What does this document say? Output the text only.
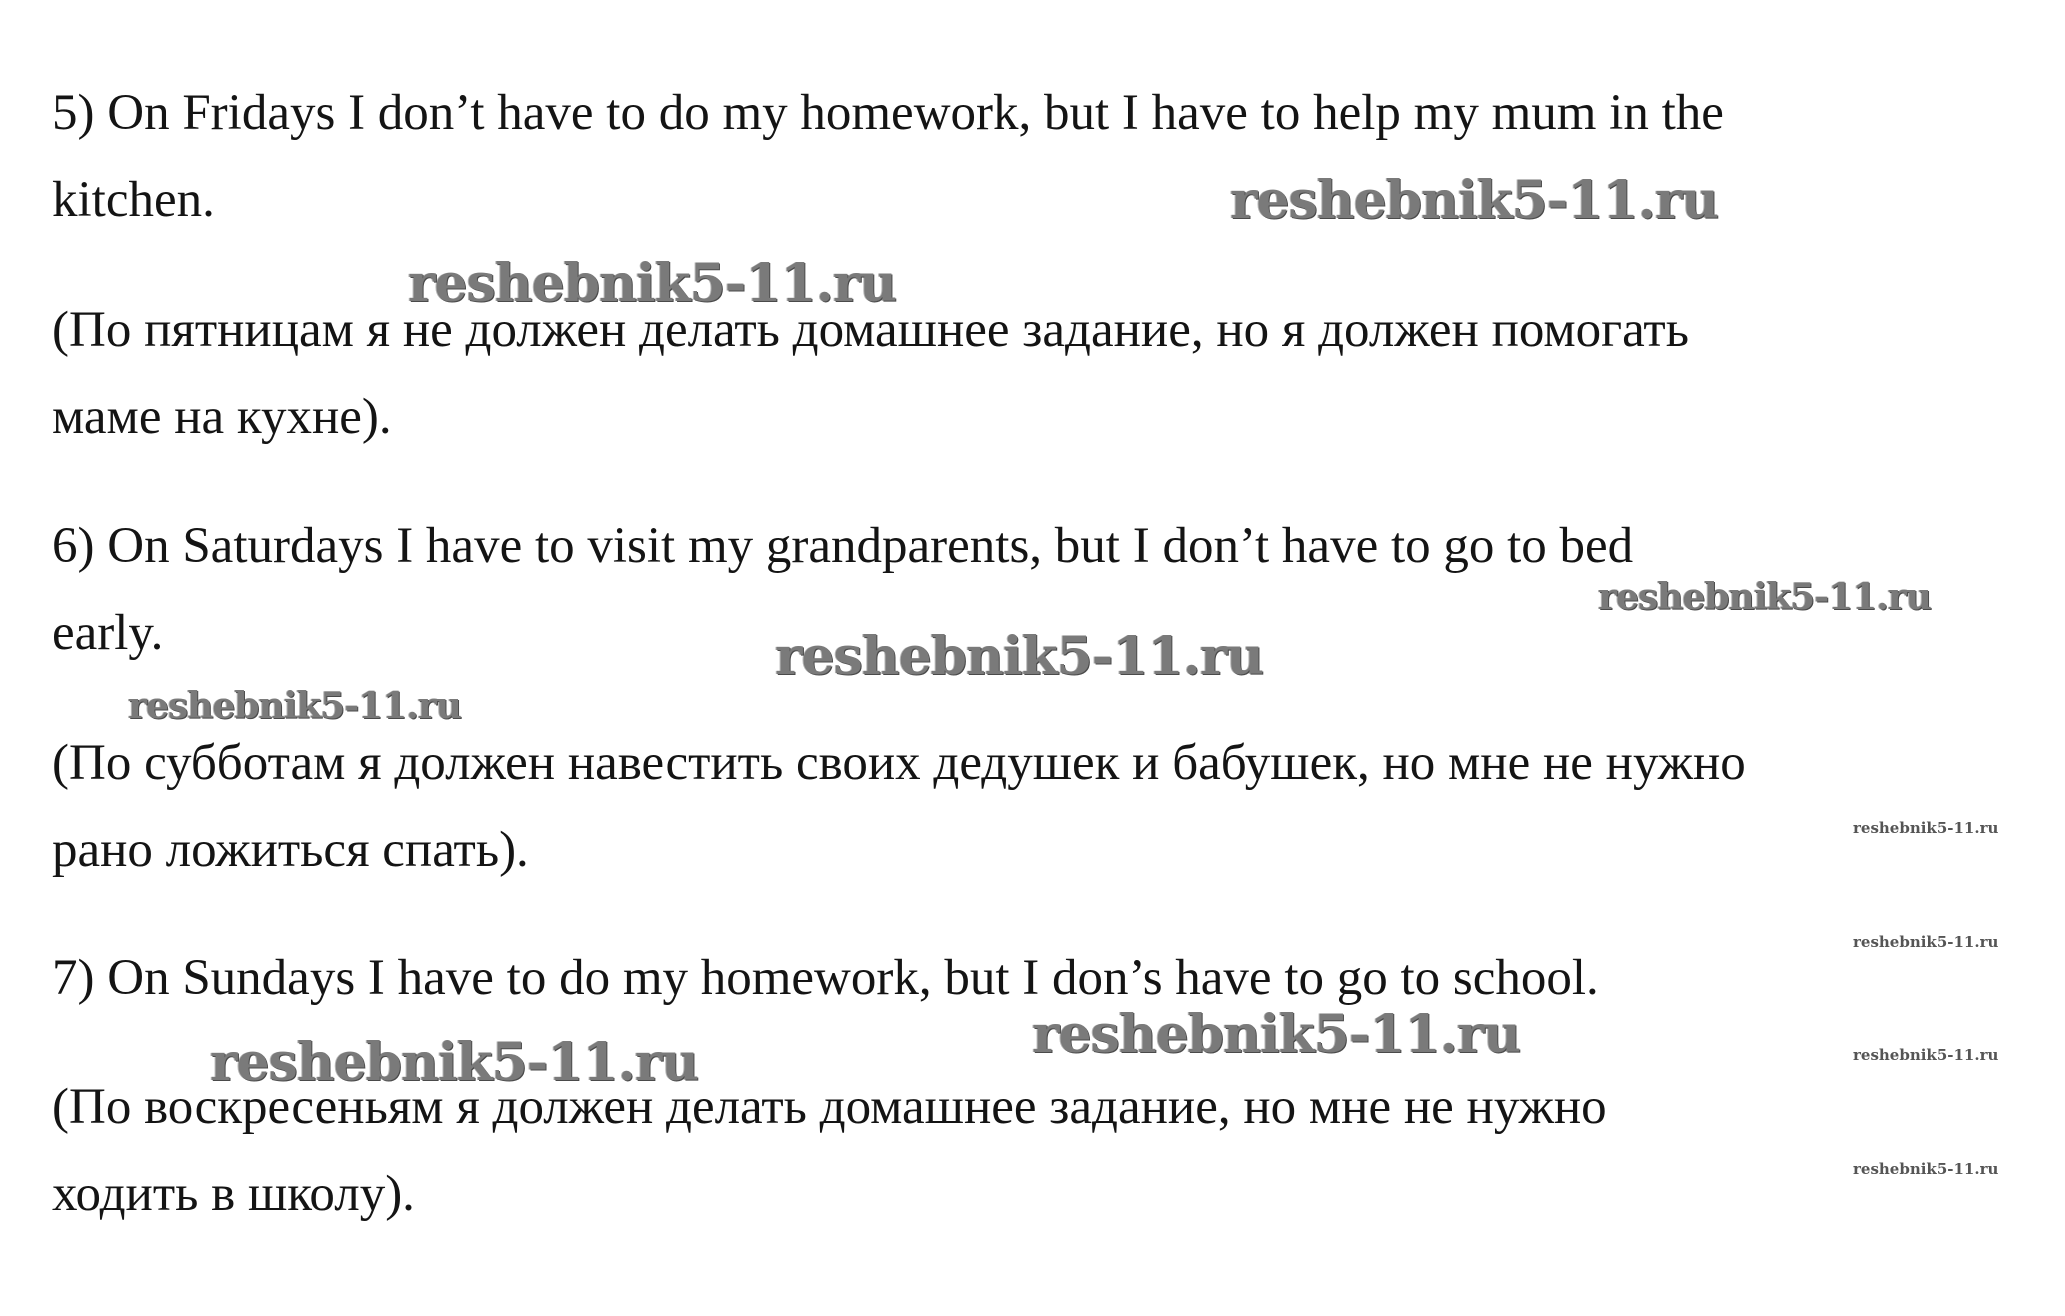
5) On Fridays I don’t have to do my homework, but I have to help my mum in the

kitchen.

(По пятницам я не должен делать домашнее задание, но я должен помогать

маме на кухне).

6) On Saturdays I have to visit my grandparents, but I don’t have to go to bed

early.

(По субботам я должен навестить своих дедушек и бабушек, но мне не нужно

рано ложиться спать).

7) On Sundays I have to do my homework, but I don’s have to go to school.

(По воскресеньям я должен делать домашнее задание, но мне не нужно

ходить в школу).

reshebnik5-11.ru
reshebnik5-11.ru
reshebnik5-11.ru
reshebnik5-11.ru
reshebnik5-11.ru
reshebnik5-11.ru
reshebnik5-11.ru
reshebnik5-11.ru
reshebnik5-11.ru
reshebnik5-11.ru
reshebnik5-11.ru
